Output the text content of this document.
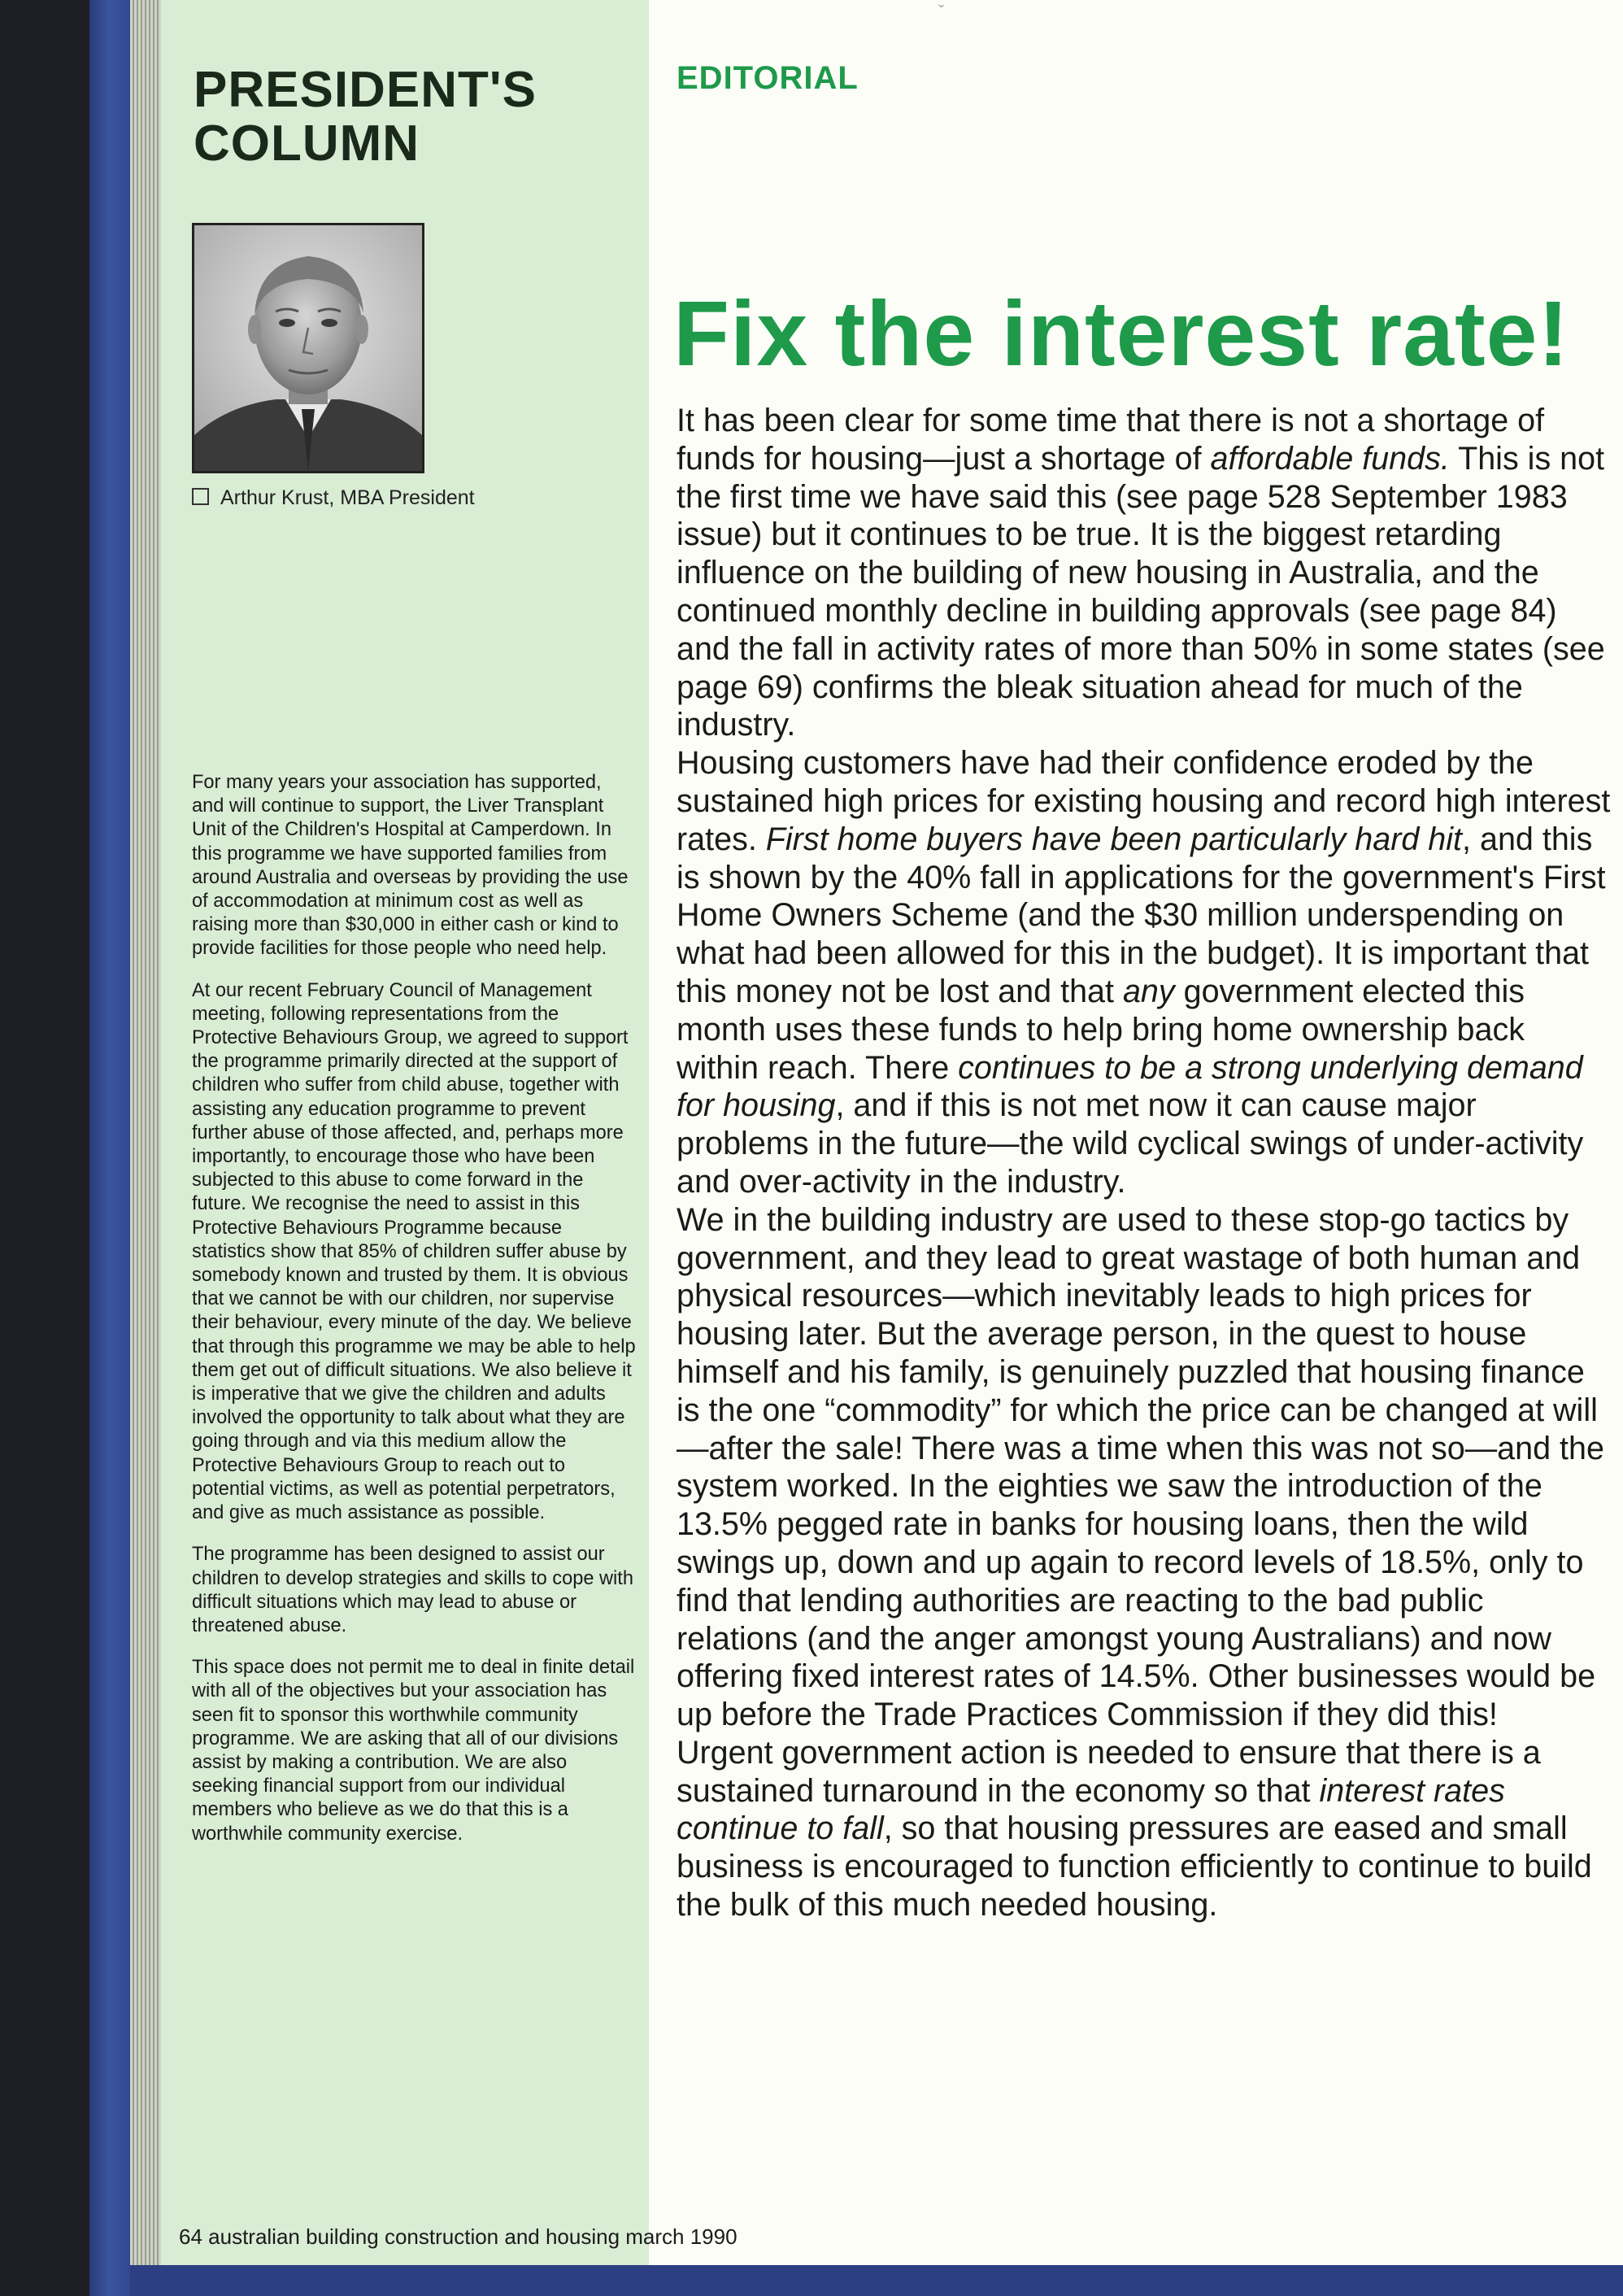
ˇ
PRESIDENT'S
COLUMN
Arthur Krust, MBA President

For many years your association has supported, and will continue to support, the Liver Transplant Unit of the Children's Hospital at Camperdown. In this programme we have supported families from around Australia and overseas by providing the use of accommodation at minimum cost as well as raising more than $30,000 in either cash or kind to provide facilities for those people who need help.

At our recent February Council of Management meeting, following representations from the Protective Behaviours Group, we agreed to support the programme primarily directed at the support of children who suffer from child abuse, together with assisting any education programme to prevent further abuse of those affected, and, perhaps more importantly, to encourage those who have been subjected to this abuse to come forward in the future. We recognise the need to assist in this Protective Behaviours Programme because statistics show that 85% of children suffer abuse by somebody known and trusted by them. It is obvious that we cannot be with our children, nor supervise their behaviour, every minute of the day. We believe that through this programme we may be able to help them get out of difficult situations. We also believe it is imperative that we give the children and adults involved the opportunity to talk about what they are going through and via this medium allow the Protective Behaviours Group to reach out to potential victims, as well as potential perpetrators, and give as much assistance as possible.

The programme has been designed to assist our children to develop strategies and skills to cope with difficult situations which may lead to abuse or threatened abuse.

This space does not permit me to deal in finite detail with all of the objectives but your association has seen fit to sponsor this worthwhile community programme. We are asking that all of our divisions assist by making a contribution. We are also seeking financial support from our individual members who believe as we do that this is a worthwhile community exercise.

EDITORIAL
Fix the interest rate!

It has been clear for some time that there is not a shortage of funds for housing—just a shortage of affordable funds. This is not the first time we have said this (see page 528 September 1983 issue) but it continues to be true. It is the biggest retarding influence on the building of new housing in Australia, and the continued monthly decline in building approvals (see page 84) and the fall in activity rates of more than 50% in some states (see page 69) confirms the bleak situation ahead for much of the industry.

Housing customers have had their confidence eroded by the sustained high prices for existing housing and record high interest rates. First home buyers have been particularly hard hit, and this is shown by the 40% fall in applications for the government's First Home Owners Scheme (and the $30 million underspending on what had been allowed for this in the budget). It is important that this money not be lost and that any government elected this month uses these funds to help bring home ownership back within reach. There continues to be a strong underlying demand for housing, and if this is not met now it can cause major problems in the future—the wild cyclical swings of under-activity and over-activity in the industry.

We in the building industry are used to these stop-go tactics by government, and they lead to great wastage of both human and physical resources—which inevitably leads to high prices for housing later. But the average person, in the quest to house himself and his family, is genuinely puzzled that housing finance is the one “commodity” for which the price can be changed at will—after the sale! There was a time when this was not so—and the system worked. In the eighties we saw the introduction of the 13.5% pegged rate in banks for housing loans, then the wild swings up, down and up again to record levels of 18.5%, only to find that lending authorities are reacting to the bad public relations (and the anger amongst young Australians) and now offering fixed interest rates of 14.5%. Other businesses would be up before the Trade Practices Commission if they did this!

Urgent government action is needed to ensure that there is a sustained turnaround in the economy so that interest rates continue to fall, so that housing pressures are eased and small business is encouraged to function efficiently to continue to build the bulk of this much needed housing.

64 australian building construction and housing march 1990
